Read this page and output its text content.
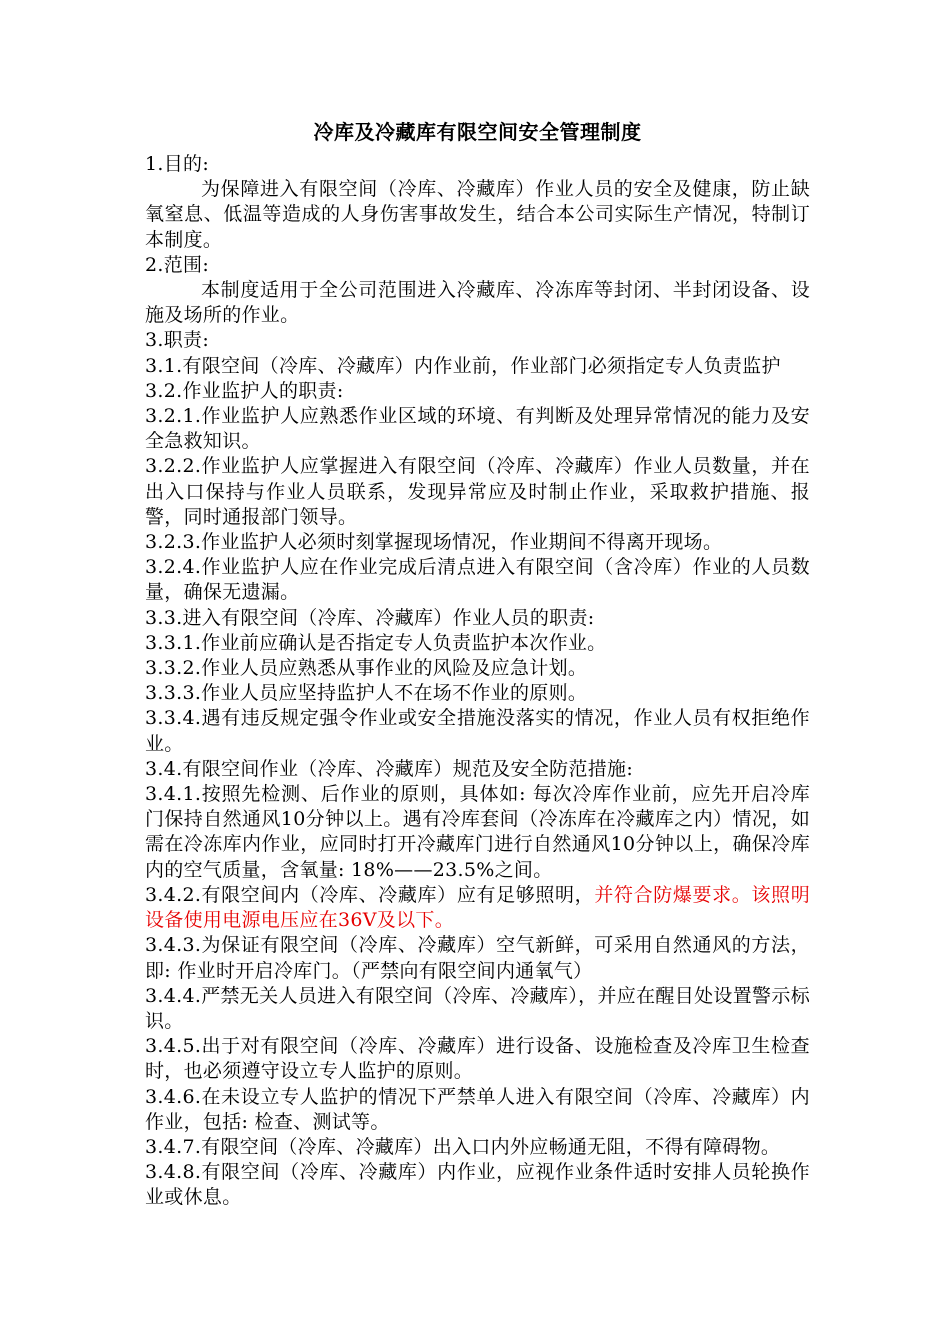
冷库及冷藏库有限空间安全管理制度

1.目的:

为保障进入有限空间（冷库、冷藏库）作业人员的安全及健康，防止缺氧窒息、低温等造成的人身伤害事故发生，结合本公司实际生产情况，特制订本制度。

2.范围:

本制度适用于全公司范围进入冷藏库、冷冻库等封闭、半封闭设备、设施及场所的作业。

3.职责:

3.1.有限空间（冷库、冷藏库）内作业前，作业部门必须指定专人负责监护

3.2.作业监护人的职责:

3.2.1.作业监护人应熟悉作业区域的环境、有判断及处理异常情况的能力及安全急救知识。

3.2.2.作业监护人应掌握进入有限空间（冷库、冷藏库）作业人员数量，并在出入口保持与作业人员联系，发现异常应及时制止作业，采取救护措施、报警，同时通报部门领导。

3.2.3.作业监护人必须时刻掌握现场情况，作业期间不得离开现场。

3.2.4.作业监护人应在作业完成后清点进入有限空间（含冷库）作业的人员数量，确保无遗漏。

3.3.进入有限空间（冷库、冷藏库）作业人员的职责:

3.3.1.作业前应确认是否指定专人负责监护本次作业。

3.3.2.作业人员应熟悉从事作业的风险及应急计划。

3.3.3.作业人员应坚持监护人不在场不作业的原则。

3.3.4.遇有违反规定强令作业或安全措施没落实的情况，作业人员有权拒绝作业。

3.4.有限空间作业（冷库、冷藏库）规范及安全防范措施:

3.4.1.按照先检测、后作业的原则，具体如: 每次冷库作业前，应先开启冷库门保持自然通风10分钟以上。遇有冷库套间（冷冻库在冷藏库之内）情况，如需在冷冻库内作业，应同时打开冷藏库门进行自然通风10分钟以上，确保冷库内的空气质量，含氧量: 18%——23.5%之间。

3.4.2.有限空间内（冷库、冷藏库）应有足够照明，并符合防爆要求。该照明设备使用电源电压应在36V及以下。

3.4.3.为保证有限空间（冷库、冷藏库）空气新鲜，可采用自然通风的方法，即: 作业时开启冷库门。（严禁向有限空间内通氧气）

3.4.4.严禁无关人员进入有限空间（冷库、冷藏库），并应在醒目处设置警示标识。

3.4.5.出于对有限空间（冷库、冷藏库）进行设备、设施检查及冷库卫生检查时，也必须遵守设立专人监护的原则。

3.4.6.在未设立专人监护的情况下严禁单人进入有限空间（冷库、冷藏库）内作业，包括: 检查、测试等。

3.4.7.有限空间（冷库、冷藏库）出入口内外应畅通无阻，不得有障碍物。

3.4.8.有限空间（冷库、冷藏库）内作业，应视作业条件适时安排人员轮换作业或休息。
